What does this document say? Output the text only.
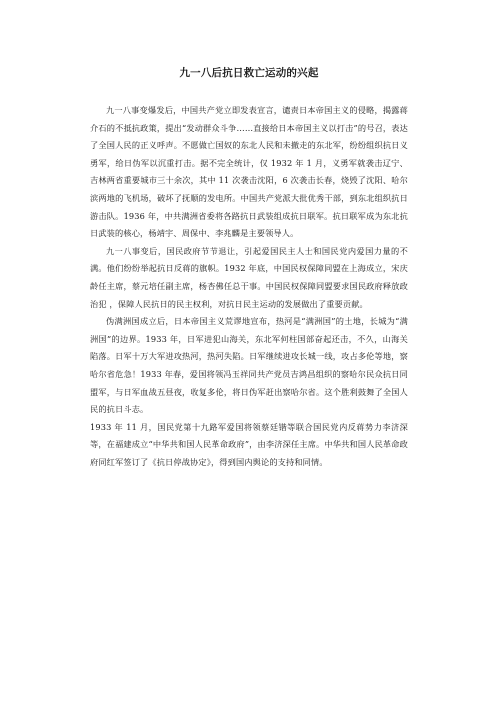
九一八后抗日救亡运动的兴起

九一八事变爆发后，中国共产党立即发表宣言，谴责日本帝国主义的侵略，揭露蒋介石的不抵抗政策，提出“发动群众斗争……直接给日本帝国主义以打击”的号召，表达了全国人民的正义呼声。不愿做亡国奴的东北人民和未撤走的东北军，纷纷组织抗日义勇军，给日伪军以沉重打击。据不完全统计，仅 1932 年 1 月，义勇军就袭击辽宁、吉林两省重要城市三十余次，其中 11 次袭击沈阳，6 次袭击长春，烧毁了沈阳、哈尔滨两地的飞机场，破坏了抚顺的发电所。中国共产党派大批优秀干部，到东北组织抗日游击队。1936 年，中共满洲省委将各路抗日武装组成抗日联军。抗日联军成为东北抗日武装的核心，杨靖宇、周保中、李兆麟是主要领导人。

九一八事变后，国民政府节节退让，引起爱国民主人士和国民党内爱国力量的不满。他们纷纷举起抗日反蒋的旗帜。1932 年底，中国民权保障同盟在上海成立，宋庆龄任主席，蔡元培任副主席，杨杏佛任总干事。中国民权保障同盟要求国民政府释放政治犯 ，保障人民抗日的民主权利，对抗日民主运动的发展做出了重要贡献。

伪满洲国成立后，日本帝国主义荒谬地宣布，热河是“满洲国”的土地，长城为“满洲国”的边界。1933 年，日军进犯山海关，东北军何柱国部奋起还击，不久，山海关陷落。日军十万大军进攻热河，热河失陷。日军继续进攻长城一线，攻占多伦等地，察哈尔省危急！1933 年春，爱国将领冯玉祥同共产党员吉鸿昌组织的察哈尔民众抗日同盟军，与日军血战五昼夜，收复多伦，将日伪军赶出察哈尔省。这个胜利鼓舞了全国人民的抗日斗志。

1933 年 11 月，国民党第十九路军爱国将领蔡廷锴等联合国民党内反蒋势力李济深等，在福建成立“中华共和国人民革命政府”，由李济深任主席。中华共和国人民革命政府同红军签订了《抗日停战协定》，得到国内舆论的支持和同情。
